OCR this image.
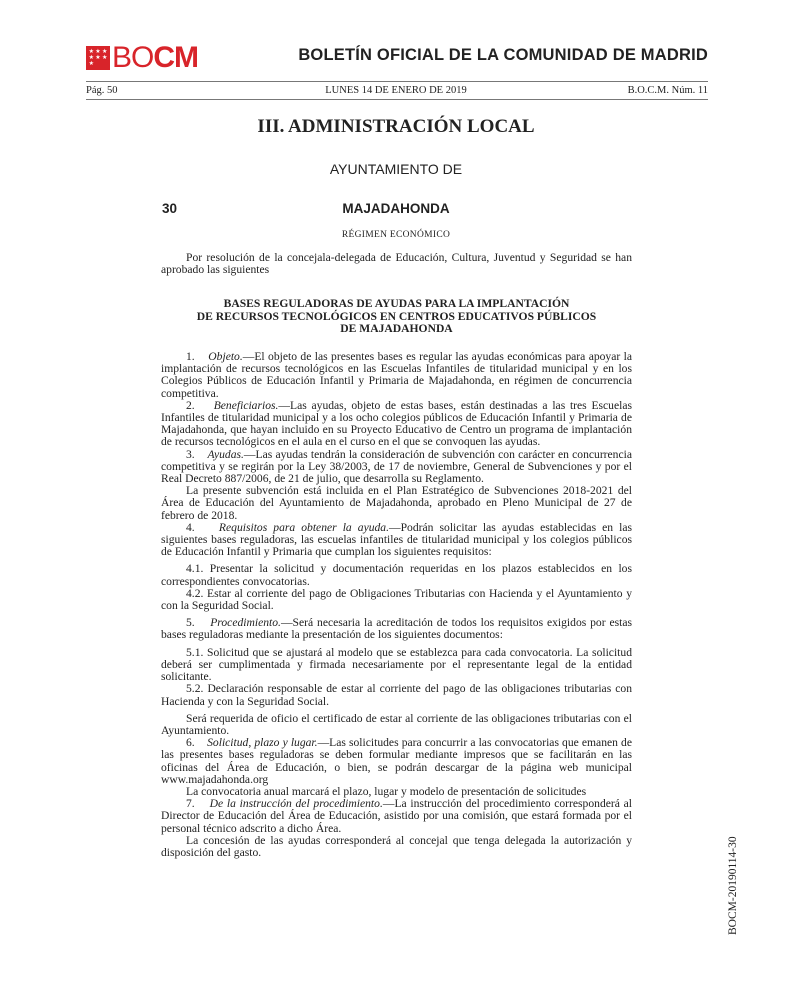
★ ★ ★
★ ★ ★
★ BOCM	BOLETÍN OFICIAL DE LA COMUNIDAD DE MADRID
Pág. 50	LUNES 14 DE ENERO DE 2019	B.O.C.M. Núm. 11
III. ADMINISTRACIÓN LOCAL
AYUNTAMIENTO DE
30	MAJADAHONDA
RÉGIMEN ECONÓMICO

Por resolución de la concejala-delegada de Educación, Cultura, Juventud y Seguridad se han aprobado las siguientes

BASES REGULADORAS DE AYUDAS PARA LA IMPLANTACIÓN
DE RECURSOS TECNOLÓGICOS EN CENTROS EDUCATIVOS PÚBLICOS
DE MAJADAHONDA

1. Objeto.—El objeto de las presentes bases es regular las ayudas económicas para apoyar la implantación de recursos tecnológicos en las Escuelas Infantiles de titularidad municipal y en los Colegios Públicos de Educación Infantil y Primaria de Majadahonda, en régimen de concurrencia competitiva.

2. Beneficiarios.—Las ayudas, objeto de estas bases, están destinadas a las tres Escuelas Infantiles de titularidad municipal y a los ocho colegios públicos de Educación Infantil y Primaria de Majadahonda, que hayan incluido en su Proyecto Educativo de Centro un programa de implantación de recursos tecnológicos en el aula en el curso en el que se convoquen las ayudas.

3. Ayudas.—Las ayudas tendrán la consideración de subvención con carácter en concurrencia competitiva y se regirán por la Ley 38/2003, de 17 de noviembre, General de Subvenciones y por el Real Decreto 887/2006, de 21 de julio, que desarrolla su Reglamento.

La presente subvención está incluida en el Plan Estratégico de Subvenciones 2018-2021 del Área de Educación del Ayuntamiento de Majadahonda, aprobado en Pleno Municipal de 27 de febrero de 2018.

4. Requisitos para obtener la ayuda.—Podrán solicitar las ayudas establecidas en las siguientes bases reguladoras, las escuelas infantiles de titularidad municipal y los colegios públicos de Educación Infantil y Primaria que cumplan los siguientes requisitos:

4.1. Presentar la solicitud y documentación requeridas en los plazos establecidos en los correspondientes convocatorias.

4.2. Estar al corriente del pago de Obligaciones Tributarias con Hacienda y el Ayuntamiento y con la Seguridad Social.

5. Procedimiento.—Será necesaria la acreditación de todos los requisitos exigidos por estas bases reguladoras mediante la presentación de los siguientes documentos:

5.1. Solicitud que se ajustará al modelo que se establezca para cada convocatoria. La solicitud deberá ser cumplimentada y firmada necesariamente por el representante legal de la entidad solicitante.

5.2. Declaración responsable de estar al corriente del pago de las obligaciones tributarias con Hacienda y con la Seguridad Social.

Será requerida de oficio el certificado de estar al corriente de las obligaciones tributarias con el Ayuntamiento.

6. Solicitud, plazo y lugar.—Las solicitudes para concurrir a las convocatorias que emanen de las presentes bases reguladoras se deben formular mediante impresos que se facilitarán en las oficinas del Área de Educación, o bien, se podrán descargar de la página web municipal www.majadahonda.org

La convocatoria anual marcará el plazo, lugar y modelo de presentación de solicitudes

7. De la instrucción del procedimiento.—La instrucción del procedimiento corresponderá al Director de Educación del Área de Educación, asistido por una comisión, que estará formada por el personal técnico adscrito a dicho Área.

La concesión de las ayudas corresponderá al concejal que tenga delegada la autorización y disposición del gasto.	BOCM-20190114-30
